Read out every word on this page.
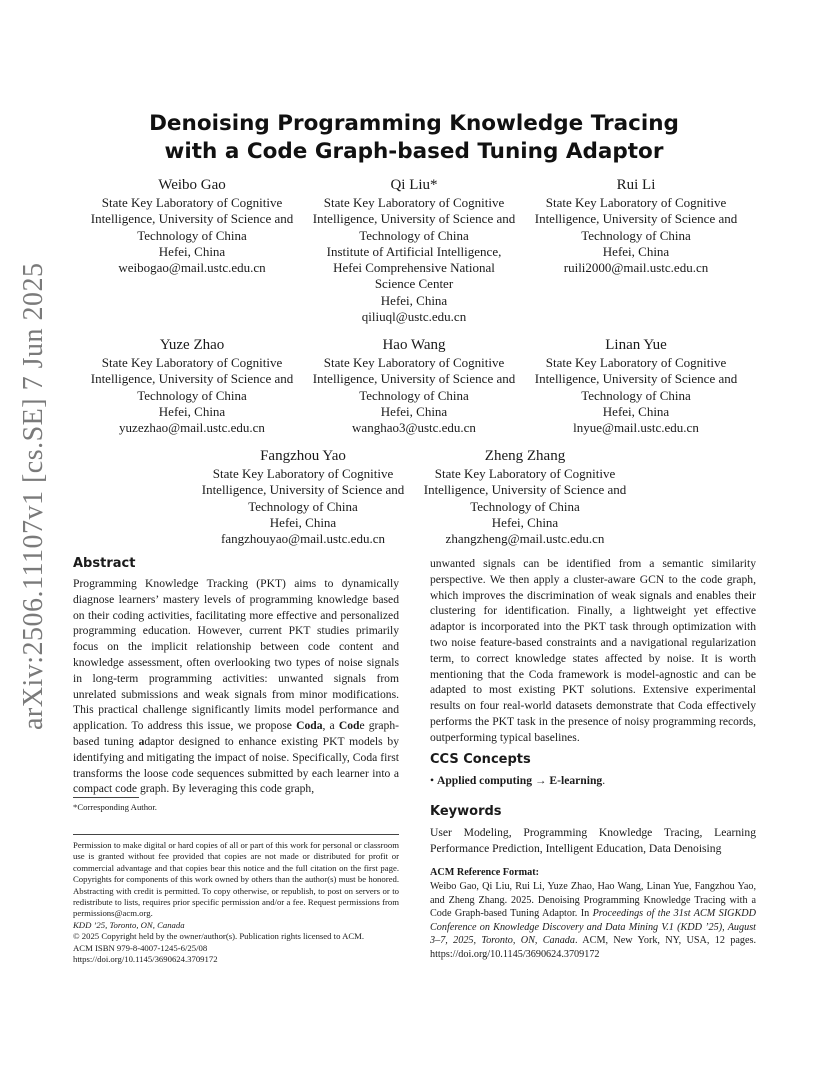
arXiv:2506.11107v1 [cs.SE] 7 Jun 2025
Denoising Programming Knowledge Tracing
with a Code Graph-based Tuning Adaptor
Weibo Gao
State Key Laboratory of Cognitive
Intelligence, University of Science and
Technology of China
Hefei, China
weibogao@mail.ustc.edu.cn
Qi Liu*
State Key Laboratory of Cognitive
Intelligence, University of Science and
Technology of China
Institute of Artificial Intelligence,
Hefei Comprehensive National
Science Center
Hefei, China
qiliuql@ustc.edu.cn
Rui Li
State Key Laboratory of Cognitive
Intelligence, University of Science and
Technology of China
Hefei, China
ruili2000@mail.ustc.edu.cn
Yuze Zhao
State Key Laboratory of Cognitive
Intelligence, University of Science and
Technology of China
Hefei, China
yuzezhao@mail.ustc.edu.cn
Hao Wang
State Key Laboratory of Cognitive
Intelligence, University of Science and
Technology of China
Hefei, China
wanghao3@ustc.edu.cn
Linan Yue
State Key Laboratory of Cognitive
Intelligence, University of Science and
Technology of China
Hefei, China
lnyue@mail.ustc.edu.cn
Fangzhou Yao
State Key Laboratory of Cognitive
Intelligence, University of Science and
Technology of China
Hefei, China
fangzhouyao@mail.ustc.edu.cn
Zheng Zhang
State Key Laboratory of Cognitive
Intelligence, University of Science and
Technology of China
Hefei, China
zhangzheng@mail.ustc.edu.cn
Abstract

Programming Knowledge Tracking (PKT) aims to dynamically diagnose learners’ mastery levels of programming knowledge based on their coding activities, facilitating more effective and personalized programming education. However, current PKT studies primarily focus on the implicit relationship between code content and knowledge assessment, often overlooking two types of noise signals in long-term programming activities: unwanted signals from unrelated submissions and weak signals from minor modifications. This practical challenge significantly limits model performance and application. To address this issue, we propose Coda, a Code graph-based tuning adaptor designed to enhance existing PKT models by identifying and mitigating the impact of noise. Specifically, Coda first transforms the loose code sequences submitted by each learner into a compact code graph. By leveraging this code graph,

*Corresponding Author.
Permission to make digital or hard copies of all or part of this work for personal or classroom use is granted without fee provided that copies are not made or distributed for profit or commercial advantage and that copies bear this notice and the full citation on the first page. Copyrights for components of this work owned by others than the author(s) must be honored. Abstracting with credit is permitted. To copy otherwise, or republish, to post on servers or to redistribute to lists, requires prior specific permission and/or a fee. Request permissions from permissions@acm.org.
KDD ’25, Toronto, ON, Canada
© 2025 Copyright held by the owner/author(s). Publication rights licensed to ACM.
ACM ISBN 979-8-4007-1245-6/25/08
https://doi.org/10.1145/3690624.3709172

unwanted signals can be identified from a semantic similarity perspective. We then apply a cluster-aware GCN to the code graph, which improves the discrimination of weak signals and enables their clustering for identification. Finally, a lightweight yet effective adaptor is incorporated into the PKT task through optimization with two noise feature-based constraints and a navigational regularization term, to correct knowledge states affected by noise. It is worth mentioning that the Coda framework is model-agnostic and can be adapted to most existing PKT solutions. Extensive experimental results on four real-world datasets demonstrate that Coda effectively performs the PKT task in the presence of noisy programming records, outperforming typical baselines.

CCS Concepts
• Applied computing → E-learning.
Keywords
User Modeling, Programming Knowledge Tracing, Learning Performance Prediction, Intelligent Education, Data Denoising
ACM Reference Format:
Weibo Gao, Qi Liu, Rui Li, Yuze Zhao, Hao Wang, Linan Yue, Fangzhou Yao, and Zheng Zhang. 2025. Denoising Programming Knowledge Tracing with a Code Graph-based Tuning Adaptor. In Proceedings of the 31st ACM SIGKDD Conference on Knowledge Discovery and Data Mining V.1 (KDD ’25), August 3–7, 2025, Toronto, ON, Canada. ACM, New York, NY, USA, 12 pages. https://doi.org/10.1145/3690624.3709172
